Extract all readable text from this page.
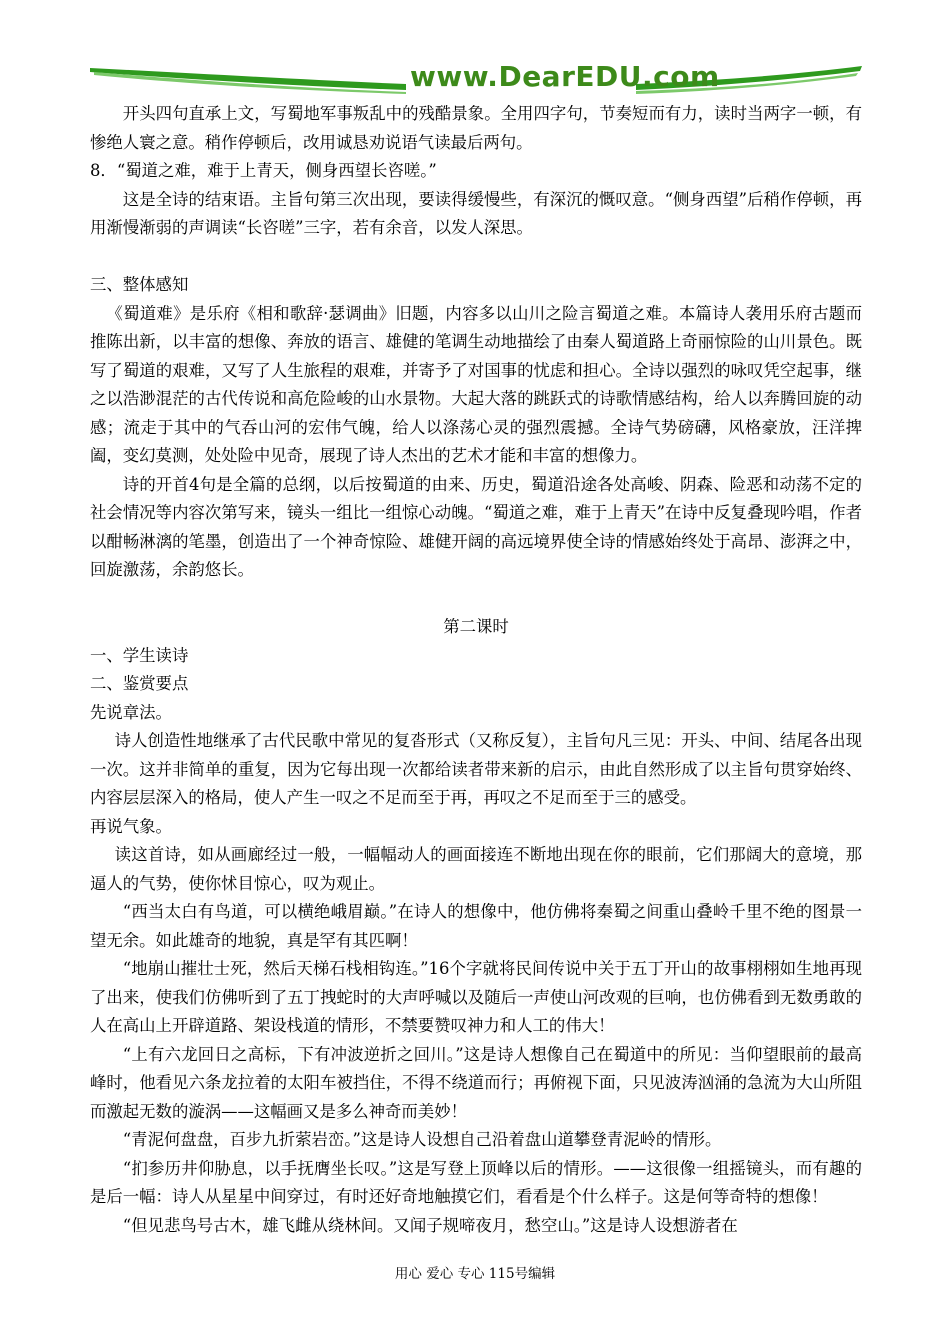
www.DearEDU.com

开头四句直承上文，写蜀地军事叛乱中的残酷景象。全用四字句，节奏短而有力，读时当两字一顿，有惨绝人寰之意。稍作停顿后，改用诚恳劝说语气读最后两句。

8．“蜀道之难，难于上青天，侧身西望长咨嗟。”

这是全诗的结束语。主旨句第三次出现，要读得缓慢些，有深沉的慨叹意。“侧身西望”后稍作停顿，再用渐慢渐弱的声调读“长咨嗟”三字，若有余音，以发人深思。

三、整体感知

《蜀道难》是乐府《相和歌辞·瑟调曲》旧题，内容多以山川之险言蜀道之难。本篇诗人袭用乐府古题而推陈出新，以丰富的想像、奔放的语言、雄健的笔调生动地描绘了由秦人蜀道路上奇丽惊险的山川景色。既写了蜀道的艰难，又写了人生旅程的艰难，并寄予了对国事的忧虑和担心。全诗以强烈的咏叹凭空起事，继之以浩渺混茫的古代传说和高危险峻的山水景物。大起大落的跳跃式的诗歌情感结构，给人以奔腾回旋的动感；流走于其中的气吞山河的宏伟气魄，给人以涤荡心灵的强烈震撼。全诗气势磅礴，风格豪放，汪洋捭阖，变幻莫测，处处险中见奇，展现了诗人杰出的艺术才能和丰富的想像力。

诗的开首4句是全篇的总纲，以后按蜀道的由来、历史，蜀道沿途各处高峻、阴森、险恶和动荡不定的社会情况等内容次第写来，镜头一组比一组惊心动魄。“蜀道之难，难于上青天”在诗中反复叠现吟唱，作者以酣畅淋漓的笔墨，创造出了一个神奇惊险、雄健开阔的高远境界使全诗的情感始终处于高昂、澎湃之中，回旋激荡，余韵悠长。

第二课时

一、学生读诗

二、鉴赏要点

先说章法。

诗人创造性地继承了古代民歌中常见的复沓形式（又称反复），主旨句凡三见：开头、中间、结尾各出现一次。这并非简单的重复，因为它每出现一次都给读者带来新的启示，由此自然形成了以主旨句贯穿始终、内容层层深入的格局，使人产生一叹之不足而至于再，再叹之不足而至于三的感受。

再说气象。

读这首诗，如从画廊经过一般，一幅幅动人的画面接连不断地出现在你的眼前，它们那阔大的意境，那逼人的气势，使你怵目惊心，叹为观止。

“西当太白有鸟道，可以横绝峨眉巅。”在诗人的想像中，他仿佛将秦蜀之间重山叠岭千里不绝的图景一望无余。如此雄奇的地貌，真是罕有其匹啊！

“地崩山摧壮士死，然后天梯石栈相钩连。”16个字就将民间传说中关于五丁开山的故事栩栩如生地再现了出来，使我们仿佛听到了五丁拽蛇时的大声呼喊以及随后一声使山河改观的巨响，也仿佛看到无数勇敢的人在高山上开辟道路、架设栈道的情形，不禁要赞叹神力和人工的伟大！

“上有六龙回日之高标，下有冲波逆折之回川。”这是诗人想像自己在蜀道中的所见：当仰望眼前的最高峰时，他看见六条龙拉着的太阳车被挡住，不得不绕道而行；再俯视下面，只见波涛汹涌的急流为大山所阻而激起无数的漩涡——这幅画又是多么神奇而美妙！

“青泥何盘盘，百步九折萦岩峦。”这是诗人设想自己沿着盘山道攀登青泥岭的情形。

“扪参历井仰胁息，以手抚膺坐长叹。”这是写登上顶峰以后的情形。——这很像一组摇镜头，而有趣的是后一幅：诗人从星星中间穿过，有时还好奇地触摸它们，看看是个什么样子。这是何等奇特的想像！

“但见悲鸟号古木，雄飞雌从绕林间。又闻子规啼夜月，愁空山。”这是诗人设想游者在

用心 爱心 专心 115号编辑
